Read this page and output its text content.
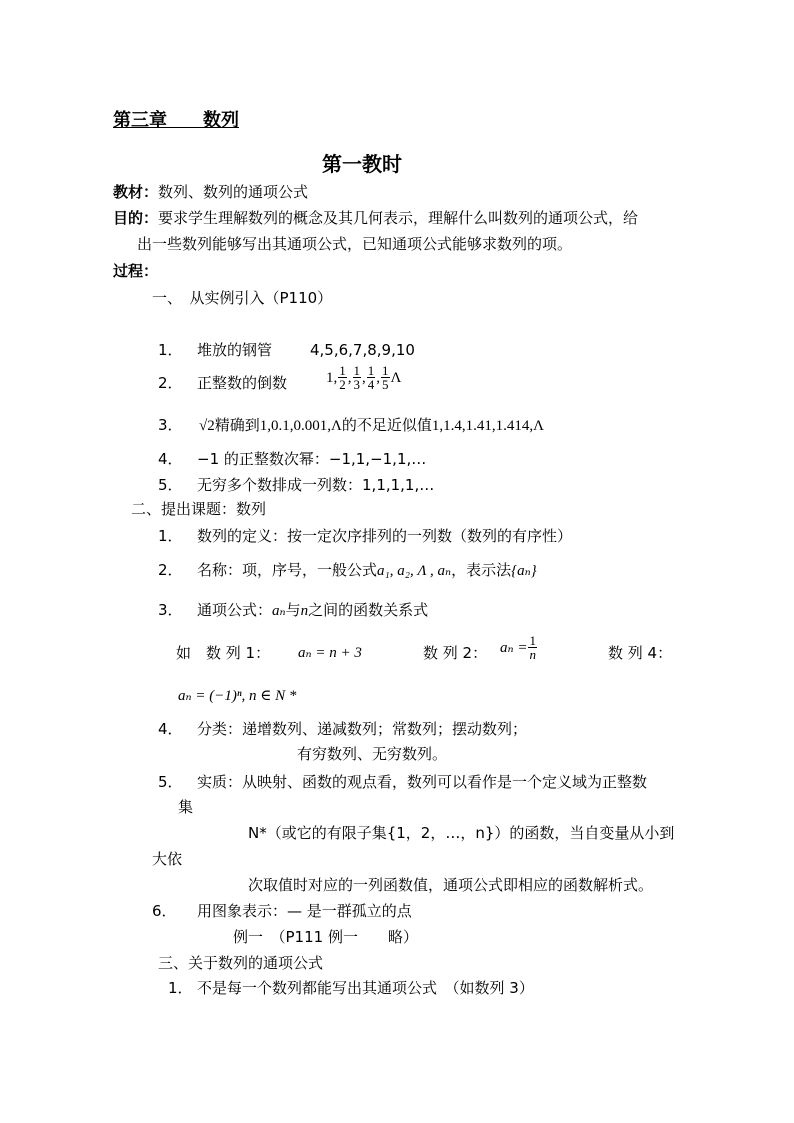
第三章　　数列
第一教时
教材：数列、数列的通项公式
目的：要求学生理解数列的概念及其几何表示，理解什么叫数列的通项公式，给
出一些数列能够写出其通项公式，已知通项公式能够求数列的项。
过程：
一、　从实例引入（P110）
1． 堆放的钢管	4,5,6,7,8,9,10
2． 正整数的倒数	1, $\frac{1}{2}$ , $\frac{1}{3}$ , $\frac{1}{4}$ , $\frac{1}{5}$ Λ
3． √2精确到1,0.1,0.001,Λ的不足近似值1,1.4,1.41,1.414,Λ
4． −1 的正整数次幂：−1,1,−1,1,…
5． 无穷多个数排成一列数：1,1,1,1,…
二、提出课题：数列
1． 数列的定义：按一定次序排列的一列数（数列的有序性）
2． 名称：项，序号，一般公式a₁, a₂, Λ , aₙ，表示法{aₙ}
3． 通项公式：aₙ与n之间的函数关系式
如　数 列 1： aₙ = n + 3	数 列 2： $a_n = \frac{1}{n}$	数 列 4：
aₙ = (−1)ⁿ, n ∈ N *
4． 分类：递增数列、递减数列；常数列；摆动数列；
有穷数列、无穷数列。
5． 实质：从映射、函数的观点看，数列可以看作是一个定义域为正整数
集
N*（或它的有限子集{1，2，…，n}）的函数，当自变量从小到
大依
次取值时对应的一列函数值，通项公式即相应的函数解析式。
6． 用图象表示：— 是一群孤立的点
例一　（P111 例一　　略）
三、关于数列的通项公式
1． 不是每一个数列都能写出其通项公式　（如数列 3）
